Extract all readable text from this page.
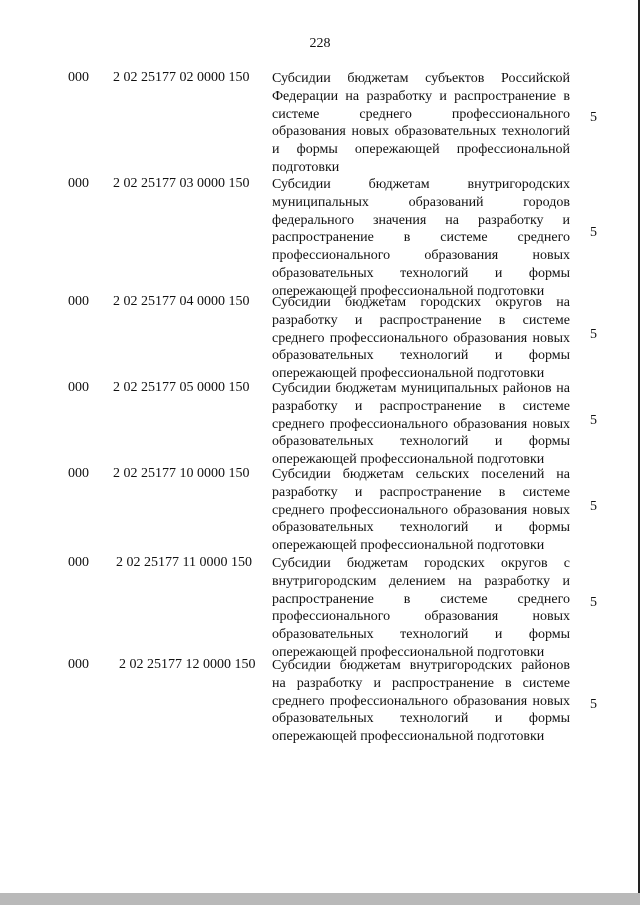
228
000 2 02 25177 02 0000 150 Субсидии бюджетам субъектов Российской Федерации на разработку и распространение в системе среднего профессионального образования новых образовательных технологий и формы опережающей профессиональной подготовки
5
000 2 02 25177 03 0000 150 Субсидии бюджетам внутригородских муниципальных образований городов федерального значения на разработку и распространение в системе среднего профессионального образования новых образовательных технологий и формы опережающей профессиональной подготовки
5
000 2 02 25177 04 0000 150 Субсидии бюджетам городских округов на разработку и распространение в системе среднего профессионального образования новых образовательных технологий и формы опережающей профессиональной подготовки
5
000 2 02 25177 05 0000 150 Субсидии бюджетам муниципальных районов на разработку и распространение в системе среднего профессионального образования новых образовательных технологий и формы опережающей профессиональной подготовки
5
000 2 02 25177 10 0000 150 Субсидии бюджетам сельских поселений на разработку и распространение в системе среднего профессионального образования новых образовательных технологий и формы опережающей профессиональной подготовки
5
000 2 02 25177 11 0000 150 Субсидии бюджетам городских округов с внутригородским делением на разработку и распространение в системе среднего профессионального образования новых образовательных технологий и формы опережающей профессиональной подготовки
5
000 2 02 25177 12 0000 150 Субсидии бюджетам внутригородских районов на разработку и распространение в системе среднего профессионального образования новых образовательных технологий и формы опережающей профессиональной подготовки
5
